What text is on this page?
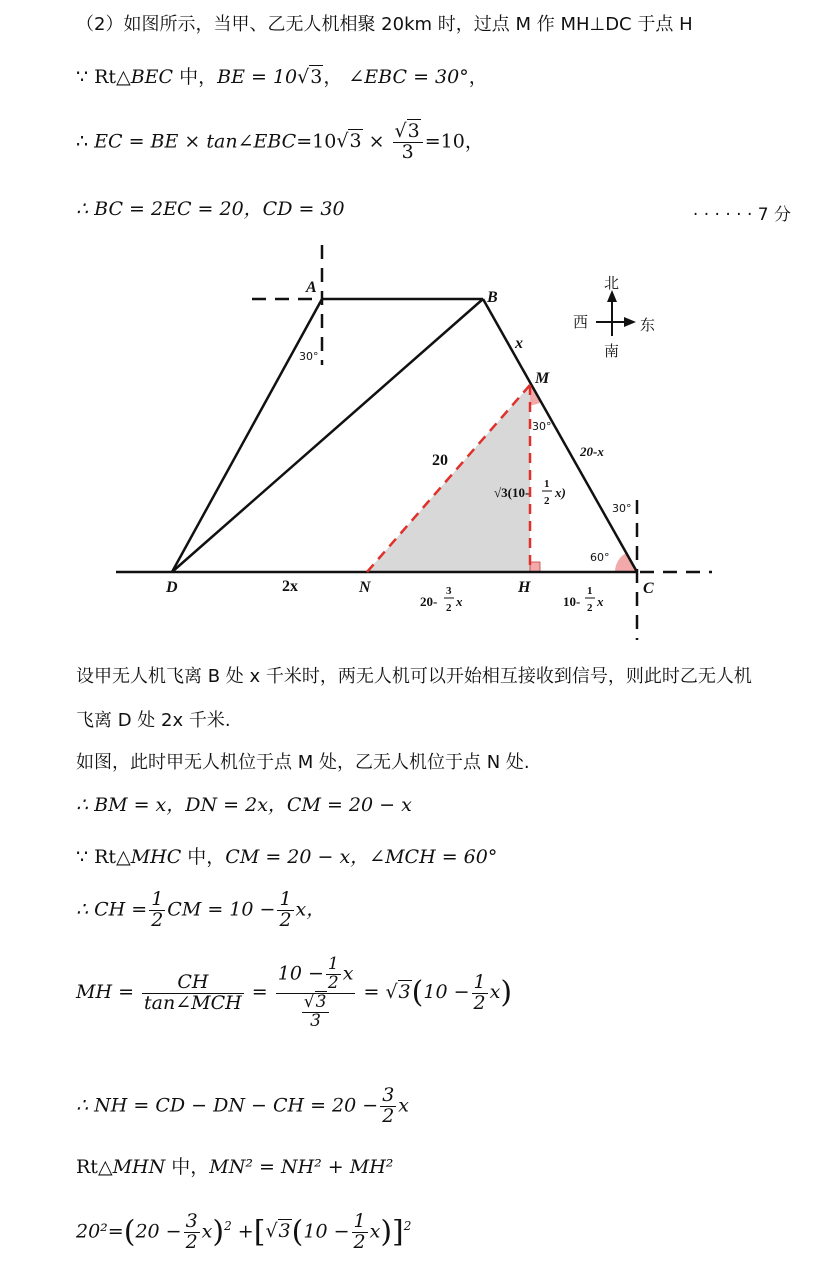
（2）如图所示，当甲、乙无人机相聚 20km 时，过点 M 作 MH⊥DC 于点 H
∵ Rt△BEC 中，BE = 10√3， ∠EBC = 30°，
∴ EC = BE × tan∠EBC=10√3 × $\frac{√3}{3} =10$，
∴ BC = 2EC = 20，CD = 30	· · · · · · 7 分
A
B
M
C
D	N	H
x
20
20-x
2x
√3(10-
1
2
x)
20-
3
2 x	10-
1
2 x
30°
30°
30°
60°
北
南
西	东
设甲无人机飞离 B 处 x 千米时，两无人机可以开始相互接收到信号，则此时乙无人机
飞离 D 处 2x 千米.
如图，此时甲无人机位于点 M 处，乙无人机位于点 N 处.
∴ BM = x，DN = 2x，CM = 20 − x
∵ Rt△MHC 中，CM = 20 − x，∠MCH = 60°
∴ CH = $\frac{1}{2}$ CM = $10 - \frac{1}{2}$ x，
MH = $\frac{CH}{\text{tan∠MCH}} = \frac{10 - \frac{1}{2} x}{\frac{√3}{3}} = √3(10 - \frac{1}{2} x)$
∴ NH = CD − DN − CH = $20 - \frac{3}{2}$ x
Rt△MHN 中，MN² = NH² + MH²
$20^2=(20 - \frac{3}{2} x)^2 +[√3(10 - \frac{1}{2} x)]^2$
